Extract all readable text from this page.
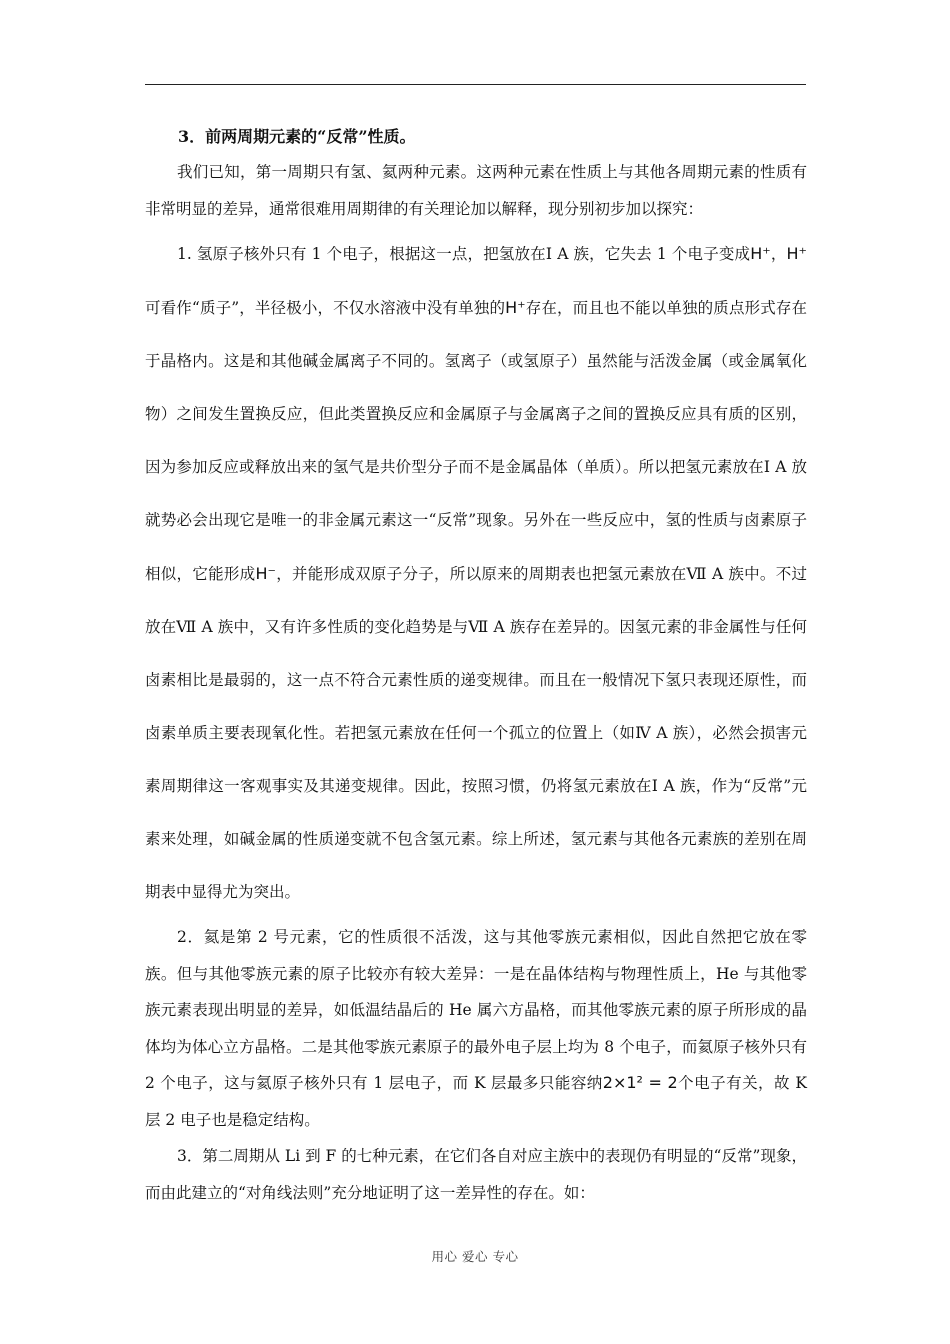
3．前两周期元素的“反常”性质。

我们已知，第一周期只有氢、氦两种元素。这两种元素在性质上与其他各周期元素的性质有非常明显的差异，通常很难用周期律的有关理论加以解释，现分别初步加以探究：

1. 氢原子核外只有 1 个电子，根据这一点，把氢放在Ⅰ A 族，它失去 1 个电子变成H⁺，H⁺可看作“质子”，半径极小，不仅水溶液中没有单独的H⁺存在，而且也不能以单独的质点形式存在于晶格内。这是和其他碱金属离子不同的。氢离子（或氢原子）虽然能与活泼金属（或金属氧化物）之间发生置换反应，但此类置换反应和金属原子与金属离子之间的置换反应具有质的区别，因为参加反应或释放出来的氢气是共价型分子而不是金属晶体（单质）。所以把氢元素放在Ⅰ A 放就势必会出现它是唯一的非金属元素这一“反常”现象。另外在一些反应中，氢的性质与卤素原子相似，它能形成H⁻，并能形成双原子分子，所以原来的周期表也把氢元素放在Ⅶ A 族中。不过放在Ⅶ A 族中，又有许多性质的变化趋势是与Ⅶ A 族存在差异的。因氢元素的非金属性与任何卤素相比是最弱的，这一点不符合元素性质的递变规律。而且在一般情况下氢只表现还原性，而卤素单质主要表现氧化性。若把氢元素放在任何一个孤立的位置上（如Ⅳ A 族），必然会损害元素周期律这一客观事实及其递变规律。因此，按照习惯，仍将氢元素放在Ⅰ A 族，作为“反常”元素来处理，如碱金属的性质递变就不包含氢元素。综上所述，氢元素与其他各元素族的差别在周期表中显得尤为突出。

2．氦是第 2 号元素，它的性质很不活泼，这与其他零族元素相似，因此自然把它放在零族。但与其他零族元素的原子比较亦有较大差异：一是在晶体结构与物理性质上，He 与其他零族元素表现出明显的差异，如低温结晶后的 He 属六方晶格，而其他零族元素的原子所形成的晶体均为体心立方晶格。二是其他零族元素原子的最外电子层上均为 8 个电子，而氦原子核外只有 2 个电子，这与氦原子核外只有 1 层电子，而 K 层最多只能容纳2×1² = 2个电子有关，故 K 层 2 电子也是稳定结构。

3．第二周期从 Li 到 F 的七种元素，在它们各自对应主族中的表现仍有明显的“反常”现象，而由此建立的“对角线法则”充分地证明了这一差异性的存在。如：

用心 爱心 专心
